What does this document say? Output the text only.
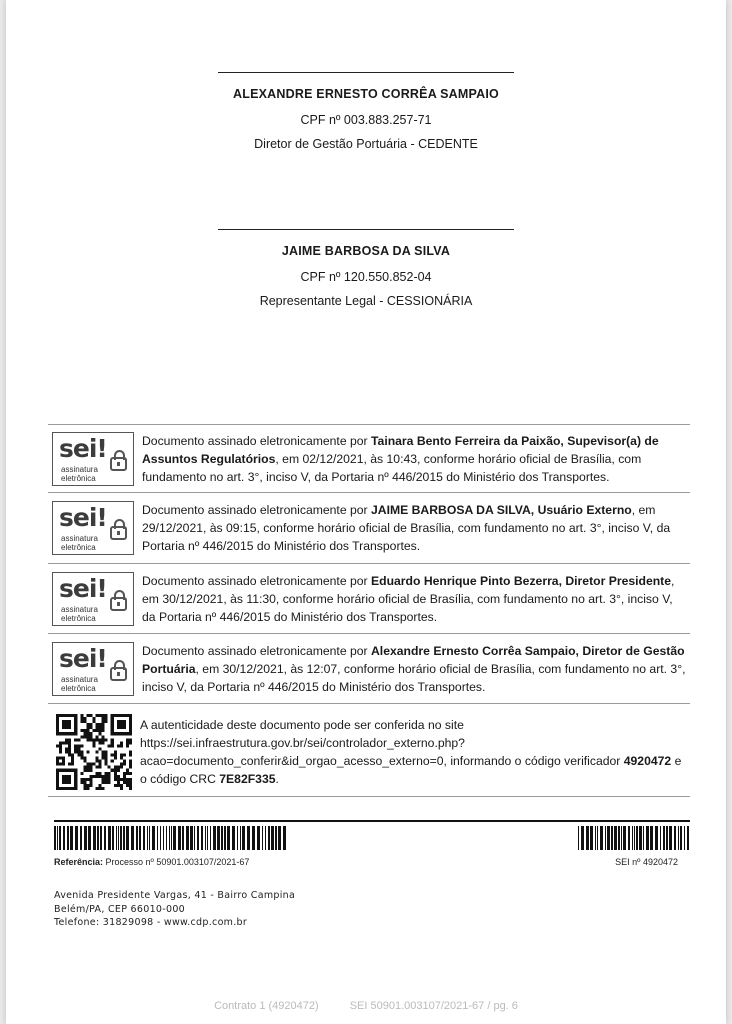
ALEXANDRE ERNESTO CORRÊA SAMPAIO
CPF nº 003.883.257-71
Diretor de Gestão Portuária - CEDENTE
JAIME BARBOSA DA SILVA
CPF nº 120.550.852-04
Representante Legal - CESSIONÁRIA
sei!
assinatura
eletrônica
Documento assinado eletronicamente por Tainara Bento Ferreira da Paixão, Supevisor(a) de Assuntos Regulatórios, em 02/12/2021, às 10:43, conforme horário oficial de Brasília, com fundamento no art. 3°, inciso V, da Portaria nº 446/2015 do Ministério dos Transportes.
sei!
assinatura
eletrônica
Documento assinado eletronicamente por JAIME BARBOSA DA SILVA, Usuário Externo, em 29/12/2021, às 09:15, conforme horário oficial de Brasília, com fundamento no art. 3°, inciso V, da Portaria nº 446/2015 do Ministério dos Transportes.
sei!
assinatura
eletrônica
Documento assinado eletronicamente por Eduardo Henrique Pinto Bezerra, Diretor Presidente, em 30/12/2021, às 11:30, conforme horário oficial de Brasília, com fundamento no art. 3°, inciso V, da Portaria nº 446/2015 do Ministério dos Transportes.
sei!
assinatura
eletrônica
Documento assinado eletronicamente por Alexandre Ernesto Corrêa Sampaio, Diretor de Gestão Portuária, em 30/12/2021, às 12:07, conforme horário oficial de Brasília, com fundamento no art. 3°, inciso V, da Portaria nº 446/2015 do Ministério dos Transportes.
A autenticidade deste documento pode ser conferida no site https://sei.infraestrutura.gov.br/sei/controlador_externo.php?acao=documento_conferir&id_orgao_acesso_externo=0, informando o código verificador 4920472 e o código CRC 7E82F335.
Referência: Processo nº 50901.003107/2021-67	SEI nº 4920472
Avenida Presidente Vargas, 41 - Bairro Campina
Belém/PA, CEP 66010-000
Telefone: 31829098 - www.cdp.com.br
Contrato 1 (4920472)	SEI 50901.003107/2021-67 / pg. 6
